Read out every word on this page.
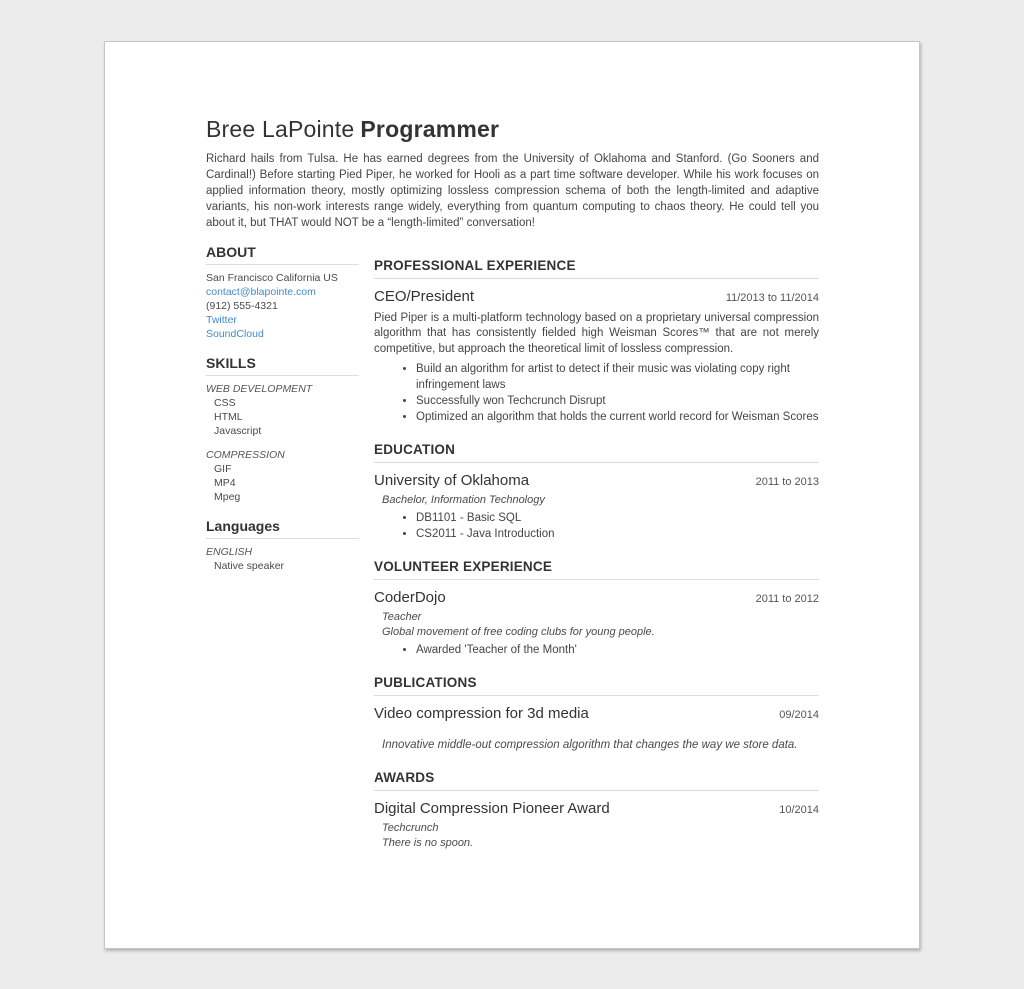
Bree LaPointe Programmer

Richard hails from Tulsa. He has earned degrees from the University of Oklahoma and Stanford. (Go Sooners and Cardinal!) Before starting Pied Piper, he worked for Hooli as a part time software developer. While his work focuses on applied information theory, mostly optimizing lossless compression schema of both the length-limited and adaptive variants, his non-work interests range widely, everything from quantum computing to chaos theory. He could tell you about it, but THAT would NOT be a “length-limited” conversation!

ABOUT

San Francisco California US

contact@blapointe.com

(912) 555-4321

Twitter
SoundCloud
SKILLS

WEB DEVELOPMENT

CSS
HTML
Javascript

COMPRESSION

GIF
MP4
Mpeg
Languages

ENGLISH

Native speaker
PROFESSIONAL EXPERIENCE
CEO/President	11/2013 to 11/2014

Pied Piper is a multi-platform technology based on a proprietary universal compression algorithm that has consistently fielded high Weisman Scores™ that are not merely competitive, but approach the theoretical limit of lossless compression.

• Build an algorithm for artist to detect if their music was violating copy right infringement laws
• Successfully won Techcrunch Disrupt
• Optimized an algorithm that holds the current world record for Weisman Scores
EDUCATION
University of Oklahoma	2011 to 2013

Bachelor, Information Technology

• DB1101 - Basic SQL
• CS2011 - Java Introduction
VOLUNTEER EXPERIENCE
CoderDojo	2011 to 2012

Teacher

Global movement of free coding clubs for young people.

• Awarded 'Teacher of the Month'
PUBLICATIONS
Video compression for 3d media	09/2014

Innovative middle-out compression algorithm that changes the way we store data.

AWARDS
Digital Compression Pioneer Award	10/2014

Techcrunch

There is no spoon.
